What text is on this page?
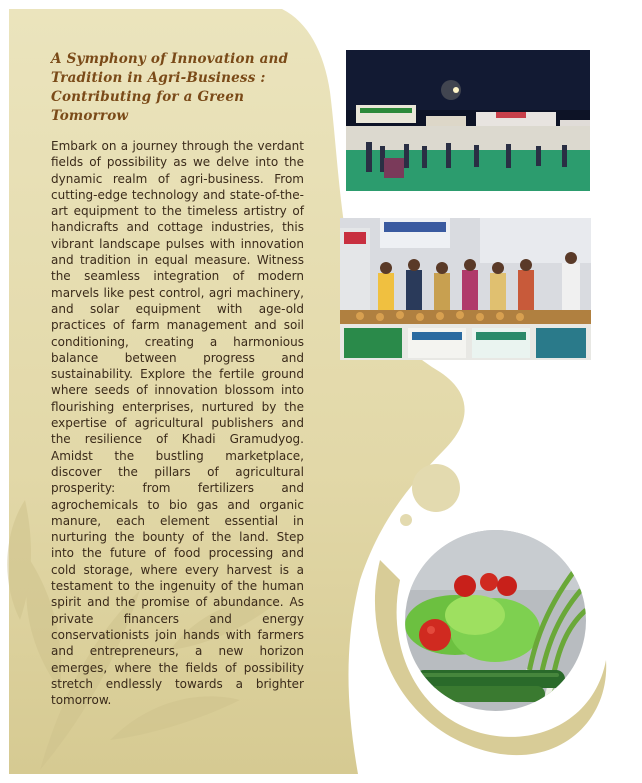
A Symphony of Innovation and Tradition in Agri-Business : Contributing for a Green Tomorrow

Embark on a journey through the verdant fields of possibility as we delve into the dynamic realm of agri-business. From cutting-edge technology and state-of-the-art equipment to the timeless artistry of handicrafts and cottage industries, this vibrant landscape pulses with innovation and tradition in equal measure. Witness the seamless integration of modern marvels like pest control, agri machinery, and solar equipment with age-old practices of farm management and soil conditioning, creating a harmonious balance between progress and sustainability. Explore the fertile ground where seeds of innovation blossom into flourishing enterprises, nurtured by the expertise of agricultural publishers and the resilience of Khadi Gramudyog. Amidst the bustling marketplace, discover the pillars of agricultural prosperity: from fertilizers and agrochemicals to bio gas and organic manure, each element essential in nurturing the bounty of the land. Step into the future of food processing and cold storage, where every harvest is a testament to the ingenuity of the human spirit and the promise of abundance. As private financers and energy conservationists join hands with farmers and entrepreneurs, a new horizon emerges, where the fields of possibility stretch endlessly towards a brighter tomorrow.
